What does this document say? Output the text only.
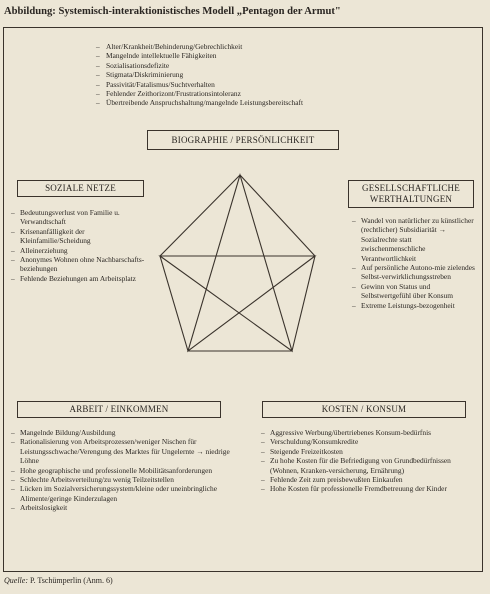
Abbildung: Systemisch-interaktionistisches Modell „Pentagon der Armut"
– Alter/Krankheit/Behinderung/Gebrechlichkeit
– Mangelnde intellektuelle Fähigkeiten
– Sozialisationsdefizite
– Stigmata/Diskriminierung
– Passivität/Fatalismus/Suchtverhalten
– Fehlender Zeithorizont/Frustrationsintoleranz
– Übertreibende Anspruchshaltung/mangelnde Leistungsbereitschaft
BIOGRAPHIE / PERSÖNLICHKEIT
SOZIALE NETZE
– Bedeutungsverlust von Familie u. Verwandtschaft
– Krisenanfälligkeit der Kleinfamilie/Scheidung
– Alleinerziehung
– Anonymes Wohnen ohne Nachbarschafts-beziehungen
– Fehlende Beziehungen am Arbeitsplatz
GESELLSCHAFTLICHE
WERTHALTUNGEN
– Wandel von natürlicher zu künstlicher (rechtlicher) Subsidiarität → Sozialrechte statt zwischenmenschliche Verantwortlichkeit
– Auf persönliche Autono-mie zielendes Selbst-verwirklichungsstreben
– Gewinn von Status und Selbstwertgefühl über Konsum
– Extreme Leistungs-bezogenheit
ARBEIT / EINKOMMEN
– Mangelnde Bildung/Ausbildung
– Rationalisierung von Arbeitsprozessen/weniger Nischen für Leistungsschwache/Verengung des Marktes für Ungelernte → niedrige Löhne
– Hohe geographische und professionelle Mobilitätsanforderungen
– Schlechte Arbeitsverteilung/zu wenig Teilzeitstellen
– Lücken im Sozialversicherungssystem/kleine oder uneinbringliche Alimente/geringe Kinderzulagen
– Arbeitslosigkeit
KOSTEN / KONSUM
– Aggressive Werbung/übertriebenes Konsum-bedürfnis
– Verschuldung/Konsumkredite
– Steigende Freizeitkosten
– Zu hohe Kosten für die Befriedigung von Grundbedürfnissen (Wohnen, Kranken-versicherung, Ernährung)
– Fehlende Zeit zum preisbewußten Einkaufen
– Hohe Kosten für professionelle Fremdbetreuung der Kinder
Quelle: P. Tschümperlin (Anm. 6)
